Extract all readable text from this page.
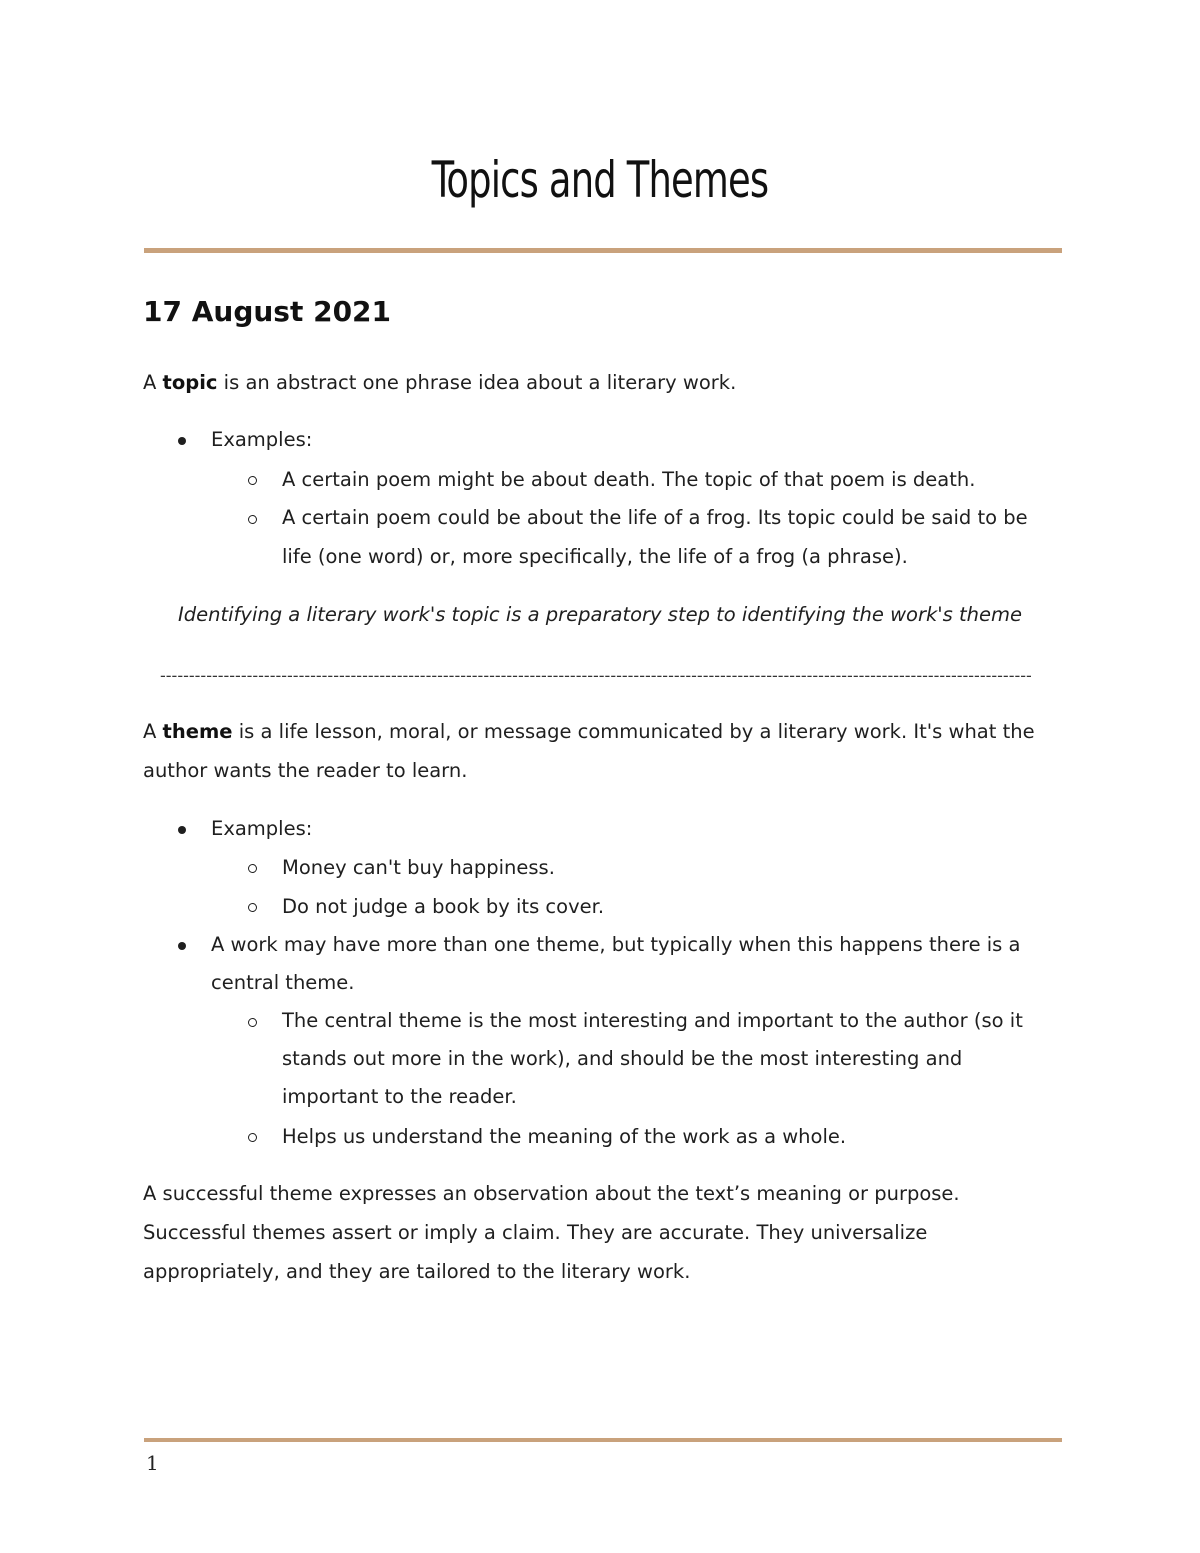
Topics and Themes
17 August 2021
A topic is an abstract one phrase idea about a literary work.
Examples:
A certain poem might be about death. The topic of that poem is death.
A certain poem could be about the life of a frog. Its topic could be said to be
life (one word) or, more specifically, the life of a frog (a phrase).
Identifying a literary work's topic is a preparatory step to identifying the work's theme
-------------------------------------------------------------------------------------------------------------------------------------------------------
A theme is a life lesson, moral, or message communicated by a literary work. It's what the
author wants the reader to learn.
Examples:
Money can't buy happiness.
Do not judge a book by its cover.
A work may have more than one theme, but typically when this happens there is a
central theme.
The central theme is the most interesting and important to the author (so it
stands out more in the work), and should be the most interesting and
important to the reader.
Helps us understand the meaning of the work as a whole.
A successful theme expresses an observation about the text’s meaning or purpose.
Successful themes assert or imply a claim. They are accurate. They universalize
appropriately, and they are tailored to the literary work.
1
